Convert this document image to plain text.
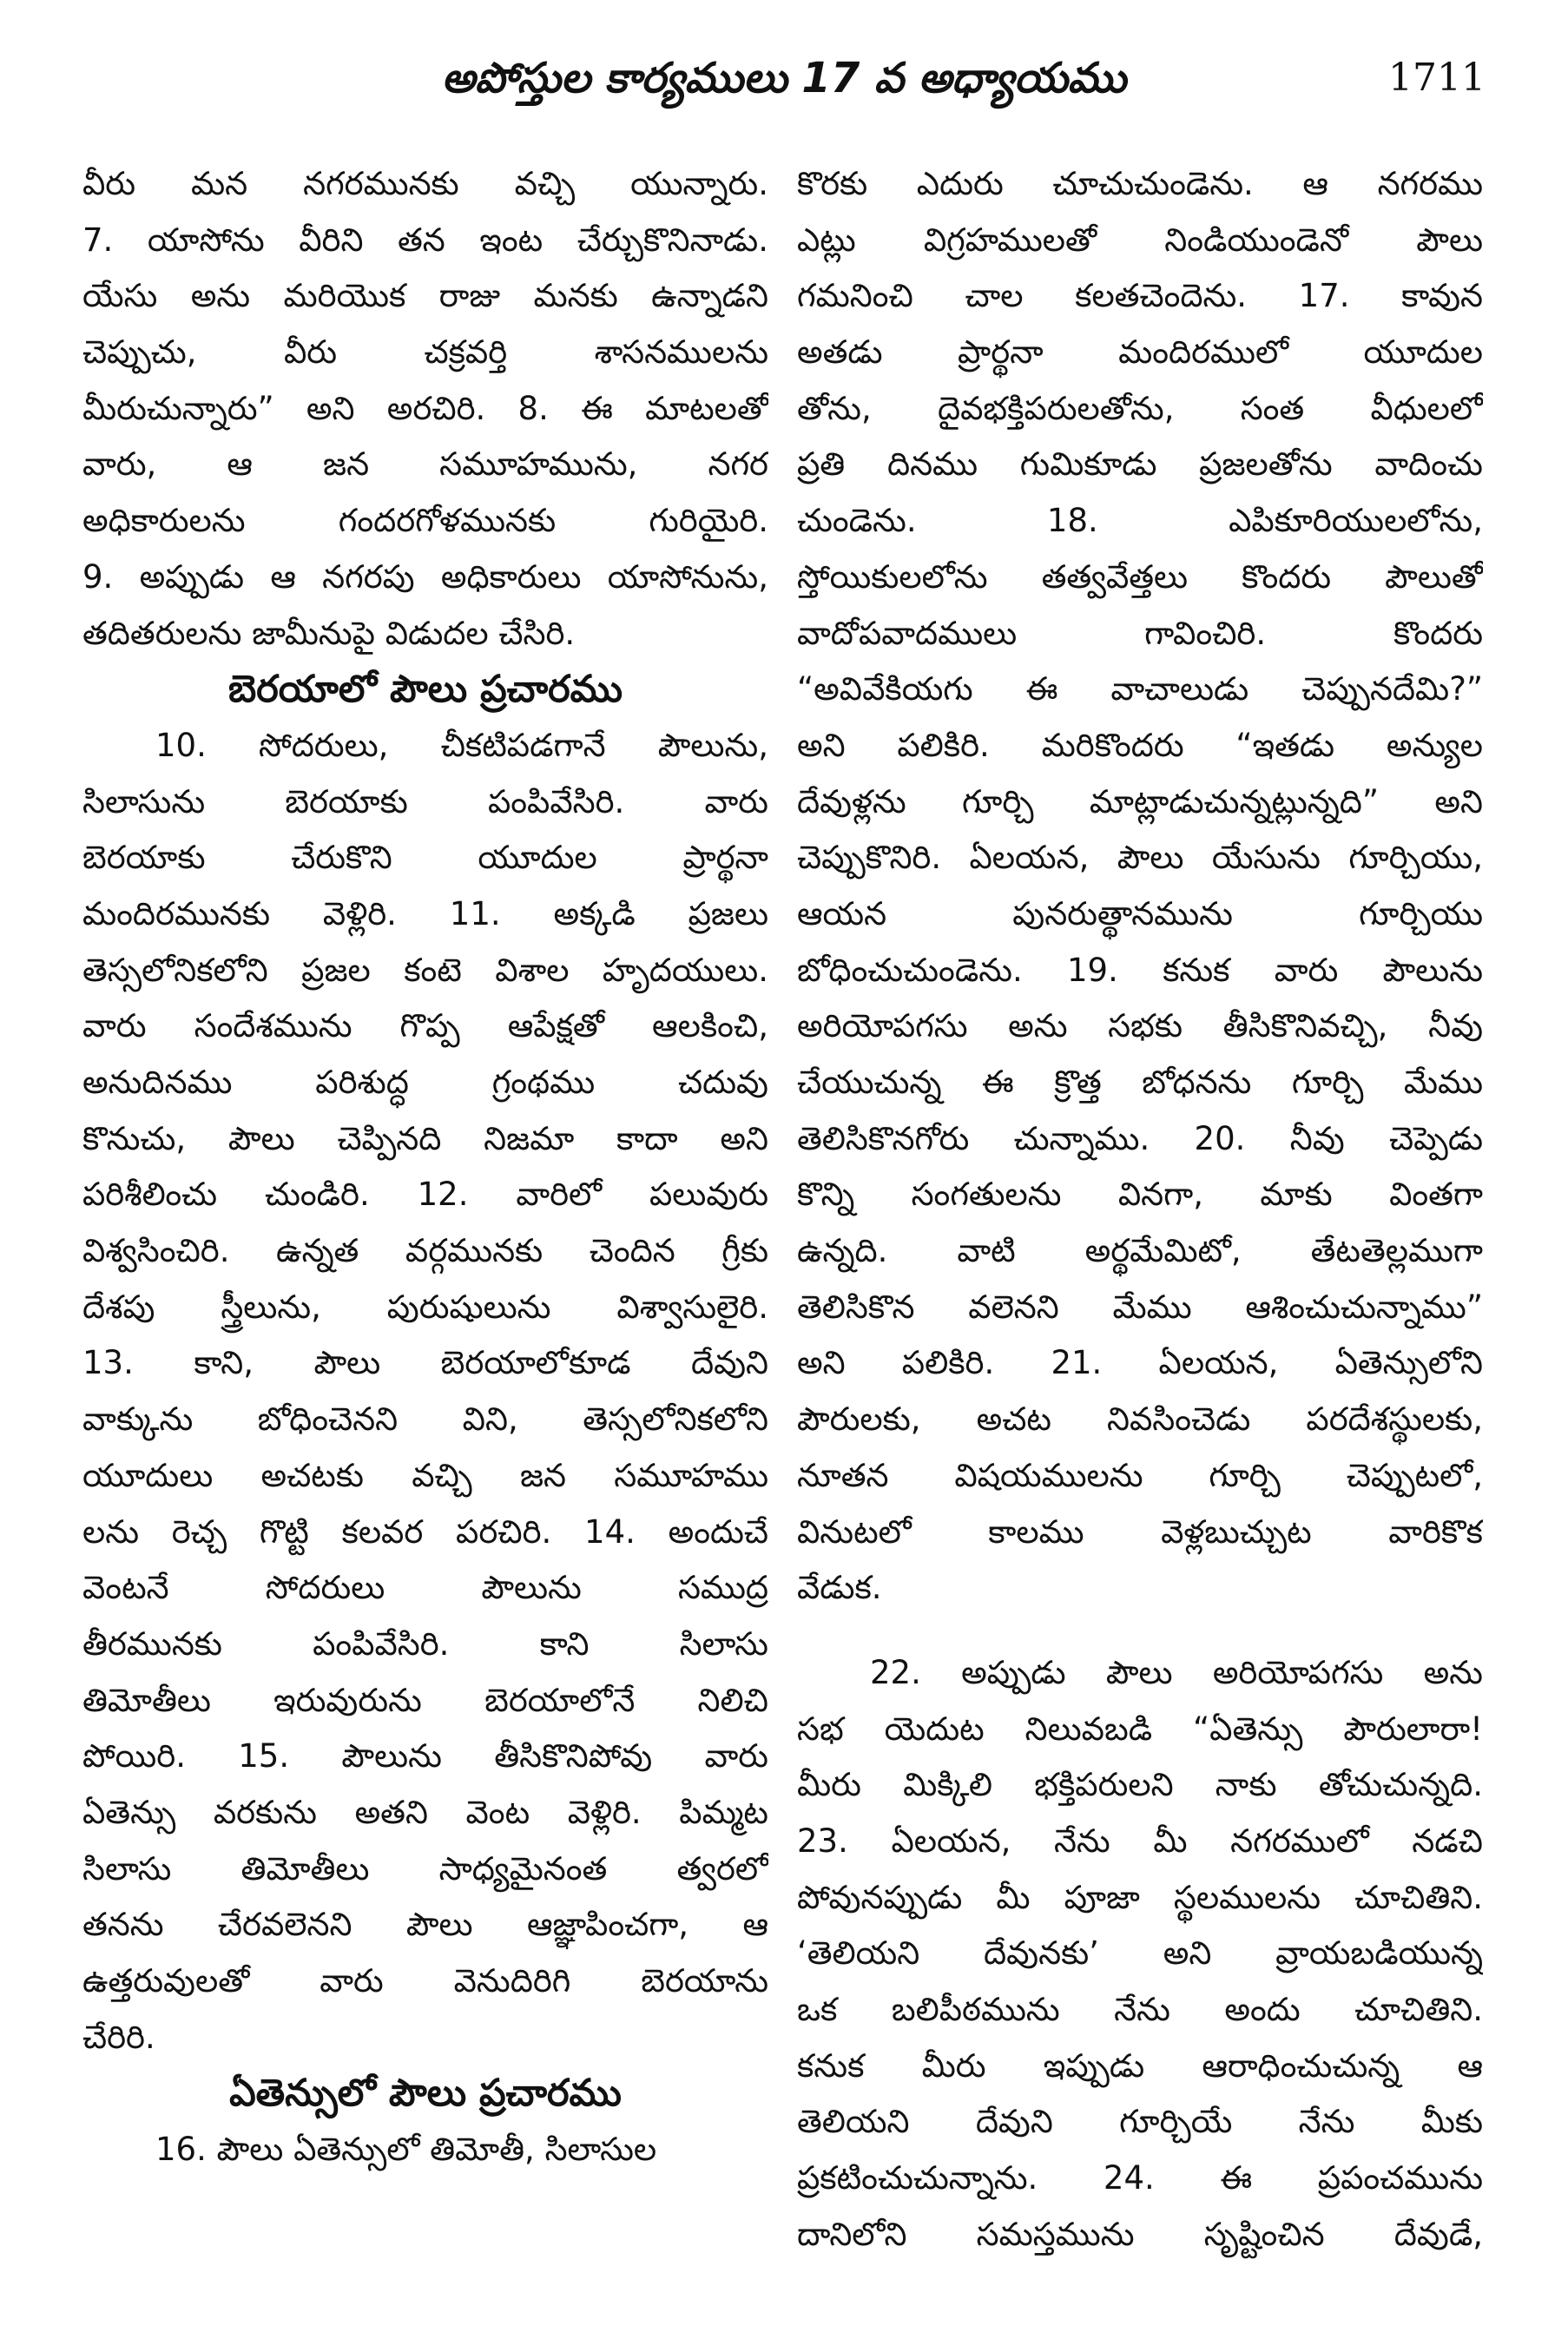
అపోస్తుల కార్యములు 17 వ అధ్యాయము	1711
వీరు మన నగరమునకు వచ్చి యున్నారు.
7. యాసోను వీరిని తన ఇంట చేర్చుకొనినాడు.
యేసు అను మరియొక రాజు మనకు ఉన్నాడని
చెప్పుచు, వీరు చక్రవర్తి శాసనములను
మీరుచున్నారు” అని అరచిరి. 8. ఈ మాటలతో
వారు, ఆ జన సమూహమును, నగర
అధికారులను గందరగోళమునకు గురియైరి.
9. అప్పుడు ఆ నగరపు అధికారులు యాసోనును,
తదితరులను జామీనుపై విడుదల చేసిరి.
బెరయాలో పౌలు ప్రచారము
10. సోదరులు, చీకటిపడగానే పౌలును,
సిలాసును బెరయాకు పంపివేసిరి. వారు
బెరయాకు చేరుకొని యూదుల ప్రార్థనా
మందిరమునకు వెళ్లిరి. 11. అక్కడి ప్రజలు
తెస్సలోనికలోని ప్రజల కంటె విశాల హృదయులు.
వారు సందేశమును గొప్ప ఆపేక్షతో ఆలకించి,
అనుదినము పరిశుద్ధ గ్రంథము చదువు
కొనుచు, పౌలు చెప్పినది నిజమా కాదా అని
పరిశీలించు చుండిరి. 12. వారిలో పలువురు
విశ్వసించిరి. ఉన్నత వర్గమునకు చెందిన గ్రీకు
దేశపు స్త్రీలును, పురుషులును విశ్వాసులైరి.
13. కాని, పౌలు బెరయాలోకూడ దేవుని
వాక్కును బోధించెనని విని, తెస్సలోనికలోని
యూదులు అచటకు వచ్చి జన సమూహము
లను రెచ్చ గొట్టి కలవర పరచిరి. 14. అందుచే
వెంటనే సోదరులు పౌలును సముద్ర
తీరమునకు పంపివేసిరి. కాని సిలాసు
తిమోతీలు ఇరువురును బెరయాలోనే నిలిచి
పోయిరి. 15. పౌలును తీసికొనిపోవు వారు
ఏతెన్సు వరకును అతని వెంట వెళ్లిరి. పిమ్మట
సిలాసు తిమోతీలు సాధ్యమైనంత త్వరలో
తనను చేరవలెనని పౌలు ఆజ్ఞాపించగా, ఆ
ఉత్తరువులతో వారు వెనుదిరిగి బెరయాను
చేరిరి.
ఏతెన్సులో పౌలు ప్రచారము
16. పౌలు ఏతెన్సులో తిమోతీ, సిలాసుల
కొరకు ఎదురు చూచుచుండెను. ఆ నగరము
ఎట్లు విగ్రహములతో నిండియుండెనో పౌలు
గమనించి చాల కలతచెందెను. 17. కావున
అతడు ప్రార్థనా మందిరములో యూదుల
తోను, దైవభక్తిపరులతోను, సంత వీధులలో
ప్రతి దినము గుమికూడు ప్రజలతోను వాదించు
చుండెను. 18. ఎపికూరియులలోను,
స్తోయికులలోను తత్వవేత్తలు కొందరు పౌలుతో
వాదోపవాదములు గావించిరి. కొందరు
“అవివేకియగు ఈ వాచాలుడు చెప్పునదేమి?”
అని పలికిరి. మరికొందరు “ఇతడు అన్యుల
దేవుళ్లను గూర్చి మాట్లాడుచున్నట్లున్నది” అని
చెప్పుకొనిరి. ఏలయన, పౌలు యేసును గూర్చియు,
ఆయన పునరుత్థానమును గూర్చియు
బోధించుచుండెను. 19. కనుక వారు పౌలును
అరియోపగసు అను సభకు తీసికొనివచ్చి, నీవు
చేయుచున్న ఈ క్రొత్త బోధనను గూర్చి మేము
తెలిసికొనగోరు చున్నాము. 20. నీవు చెప్పెడు
కొన్ని సంగతులను వినగా, మాకు వింతగా
ఉన్నది. వాటి అర్థమేమిటో, తేటతెల్లముగా
తెలిసికొన వలెనని మేము ఆశించుచున్నాము”
అని పలికిరి. 21. ఏలయన, ఏతెన్సులోని
పౌరులకు, అచట నివసించెడు పరదేశస్థులకు,
నూతన విషయములను గూర్చి చెప్పుటలో,
వినుటలో కాలము వెళ్లబుచ్చుట వారికొక
వేడుక.
22. అప్పుడు పౌలు అరియోపగసు అను
సభ యెదుట నిలువబడి “ఏతెన్సు పౌరులారా!
మీరు మిక్కిలి భక్తిపరులని నాకు తోచుచున్నది.
23. ఏలయన, నేను మీ నగరములో నడచి
పోవునప్పుడు మీ పూజా స్థలములను చూచితిని.
‘తెలియని దేవునకు’ అని వ్రాయబడియున్న
ఒక బలిపీఠమును నేను అందు చూచితిని.
కనుక మీరు ఇప్పుడు ఆరాధించుచున్న ఆ
తెలియని దేవుని గూర్చియే నేను మీకు
ప్రకటించుచున్నాను. 24. ఈ ప్రపంచమును
దానిలోని సమస్తమును సృష్టించిన దేవుడే,
